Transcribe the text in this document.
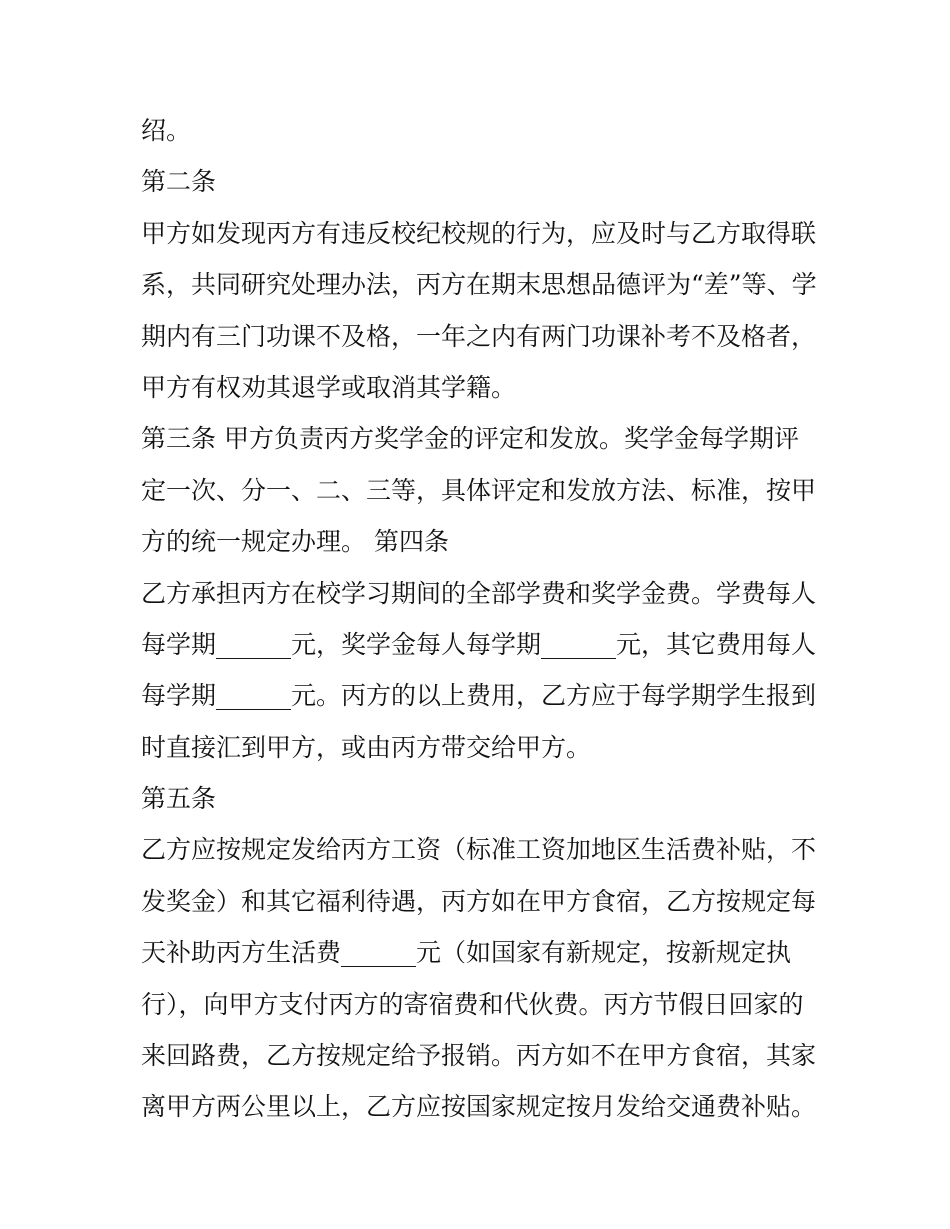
绍。
第二条
甲方如发现丙方有违反校纪校规的行为，应及时与乙方取得联
系，共同研究处理办法，丙方在期末思想品德评为“差”等、学
期内有三门功课不及格，一年之内有两门功课补考不及格者，
甲方有权劝其退学或取消其学籍。
第三条 甲方负责丙方奖学金的评定和发放。奖学金每学期评
定一次、分一、二、三等，具体评定和发放方法、标准，按甲
方的统一规定办理。 第四条
乙方承担丙方在校学习期间的全部学费和奖学金费。学费每人
每学期______元，奖学金每人每学期______元，其它费用每人
每学期______元。丙方的以上费用，乙方应于每学期学生报到
时直接汇到甲方，或由丙方带交给甲方。
第五条
乙方应按规定发给丙方工资（标准工资加地区生活费补贴，不
发奖金）和其它福利待遇，丙方如在甲方食宿，乙方按规定每
天补助丙方生活费______元（如国家有新规定，按新规定执
行），向甲方支付丙方的寄宿费和代伙费。丙方节假日回家的
来回路费，乙方按规定给予报销。丙方如不在甲方食宿，其家
离甲方两公里以上，乙方应按国家规定按月发给交通费补贴。
